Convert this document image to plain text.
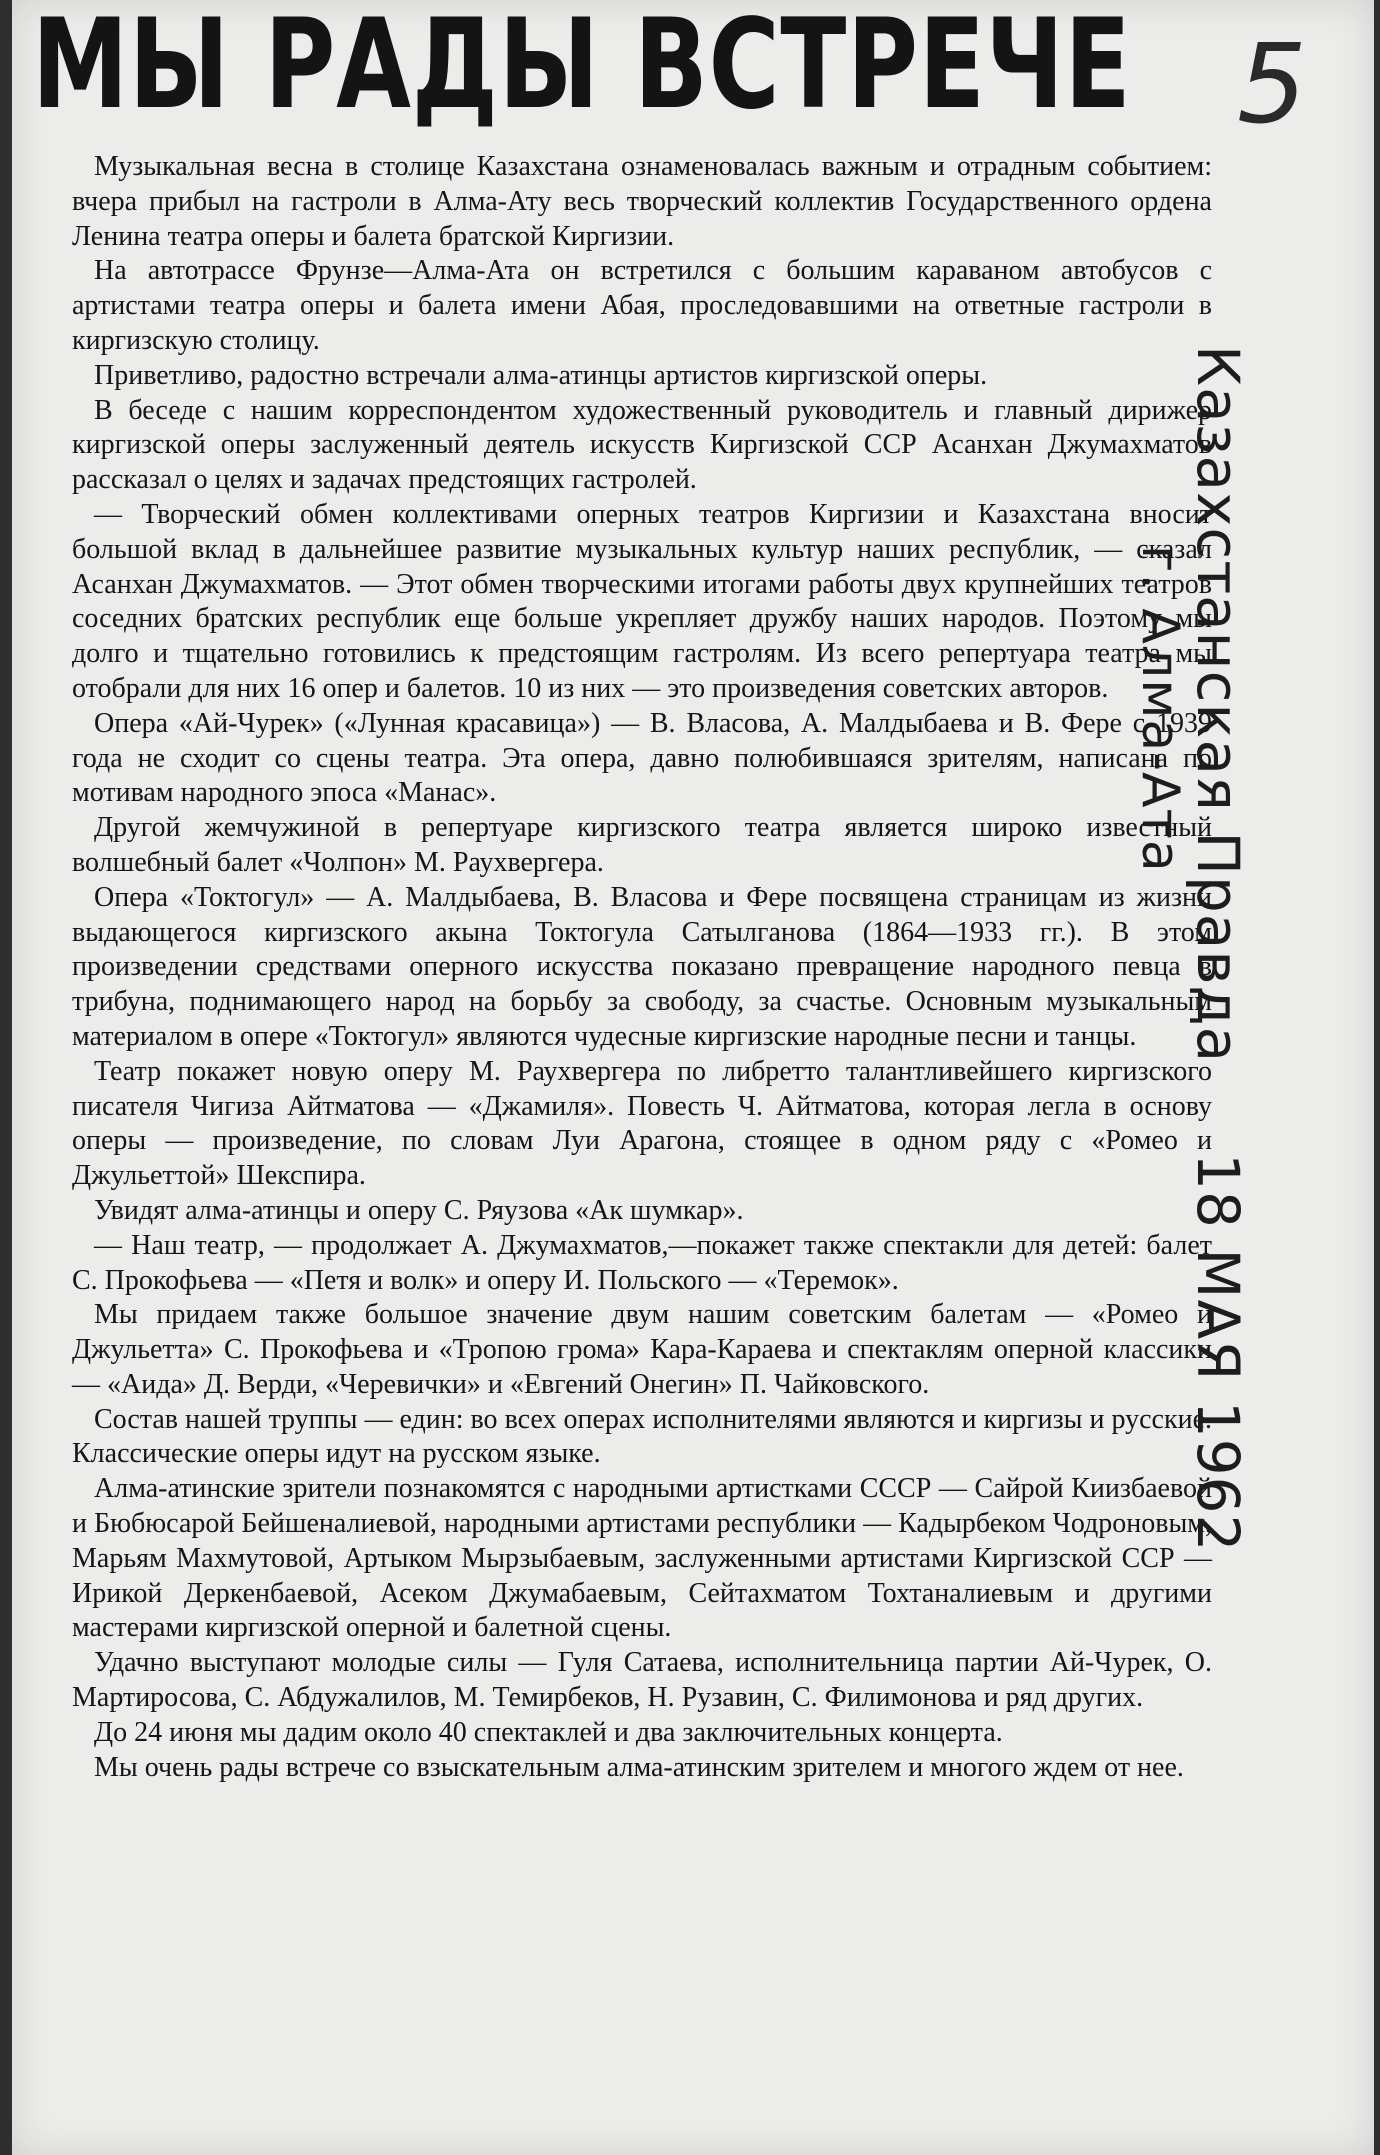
МЫ РАДЫ ВСТРЕЧЕ 5

Музыкальная весна в столице Казахстана ознаменовалась важным и отрадным событием: вчера прибыл на гастроли в Алма-Ату весь творческий коллектив Государственного ордена Ленина театра оперы и балета братской Киргизии.

На автотрассе Фрунзе—Алма-Ата он встретился с большим караваном автобусов с артистами театра оперы и балета имени Абая, проследовавшими на ответные гастроли в киргизскую столицу.

Приветливо, радостно встречали алма-атинцы артистов киргизской оперы.

В беседе с нашим корреспондентом художественный руководитель и главный дирижер киргизской оперы заслуженный деятель искусств Киргизской ССР Асанхан Джумахматов рассказал о целях и задачах предстоящих гастролей.

— Творческий обмен коллективами оперных театров Киргизии и Казахстана вносит большой вклад в дальнейшее развитие музыкальных культур наших республик, — сказал Асанхан Джумахматов. — Этот обмен творческими итогами работы двух крупнейших театров соседних братских республик еще больше укрепляет дружбу наших народов. Поэтому мы долго и тщательно готовились к предстоящим гастролям. Из всего репертуара театра мы отобрали для них 16 опер и балетов. 10 из них — это произведения советских авторов.

Опера «Ай-Чурек» («Лунная красавица») — В. Власова, А. Малдыбаева и В. Фере с 1939 года не сходит со сцены театра. Эта опера, давно полюбившаяся зрителям, написана по мотивам народного эпоса «Манас».

Другой жемчужиной в репертуаре киргизского театра является широко известный волшебный балет «Чолпон» М. Раухвергера.

Опера «Токтогул» — А. Малдыбаева, В. Власова и Фере посвящена страницам из жизни выдающегося киргизского акына Токтогула Сатылганова (1864—1933 гг.). В этом произведении средствами оперного искусства показано превращение народного певца в трибуна, поднимающего народ на борьбу за свободу, за счастье. Основным музыкальным материалом в опере «Токтогул» являются чудесные киргизские народные песни и танцы.

Театр покажет новую оперу М. Раухвергера по либретто талантливейшего киргизского писателя Чигиза Айтматова — «Джамиля». Повесть Ч. Айтматова, которая легла в основу оперы — произведение, по словам Луи Арагона, стоящее в одном ряду с «Ромео и Джульеттой» Шекспира.

Увидят алма-атинцы и оперу С. Ряузова «Ак шумкар».

— Наш театр, — продолжает А. Джумахматов,—покажет также спектакли для детей: балет С. Прокофьева — «Петя и волк» и оперу И. Польского — «Теремок».

Мы придаем также большое значение двум нашим советским балетам — «Ромео и Джульетта» С. Прокофьева и «Тропою грома» Кара-Караева и спектаклям оперной классики — «Аида» Д. Верди, «Черевички» и «Евгений Онегин» П. Чайковского.

Состав нашей труппы — един: во всех операх исполнителями являются и киргизы и русские. Классические оперы идут на русском языке.

Алма-атинские зрители познакомятся с народными артистками СССР — Сайрой Киизбаевой и Бюбюсарой Бейшеналиевой, народными артистами республики — Кадырбеком Чодроновым, Марьям Махмутовой, Артыком Мырзыбаевым, заслуженными артистами Киргизской ССР — Ирикой Деркенбаевой, Асеком Джумабаевым, Сейтахматом Тохтаналиевым и другими мастерами киргизской оперной и балетной сцены.

Удачно выступают молодые силы — Гуля Сатаева, исполнительница партии Ай-Чурек, О. Мартиросова, С. Абдужалилов, М. Темирбеков, Н. Рузавин, С. Филимонова и ряд других.

До 24 июня мы дадим около 40 спектаклей и два заключительных концерта.

Мы очень рады встрече со взыскательным алма-атинским зрителем и многого ждем от нее.

Казахстанская Правда18 МАЯ 1962
г. Алма-Ата
